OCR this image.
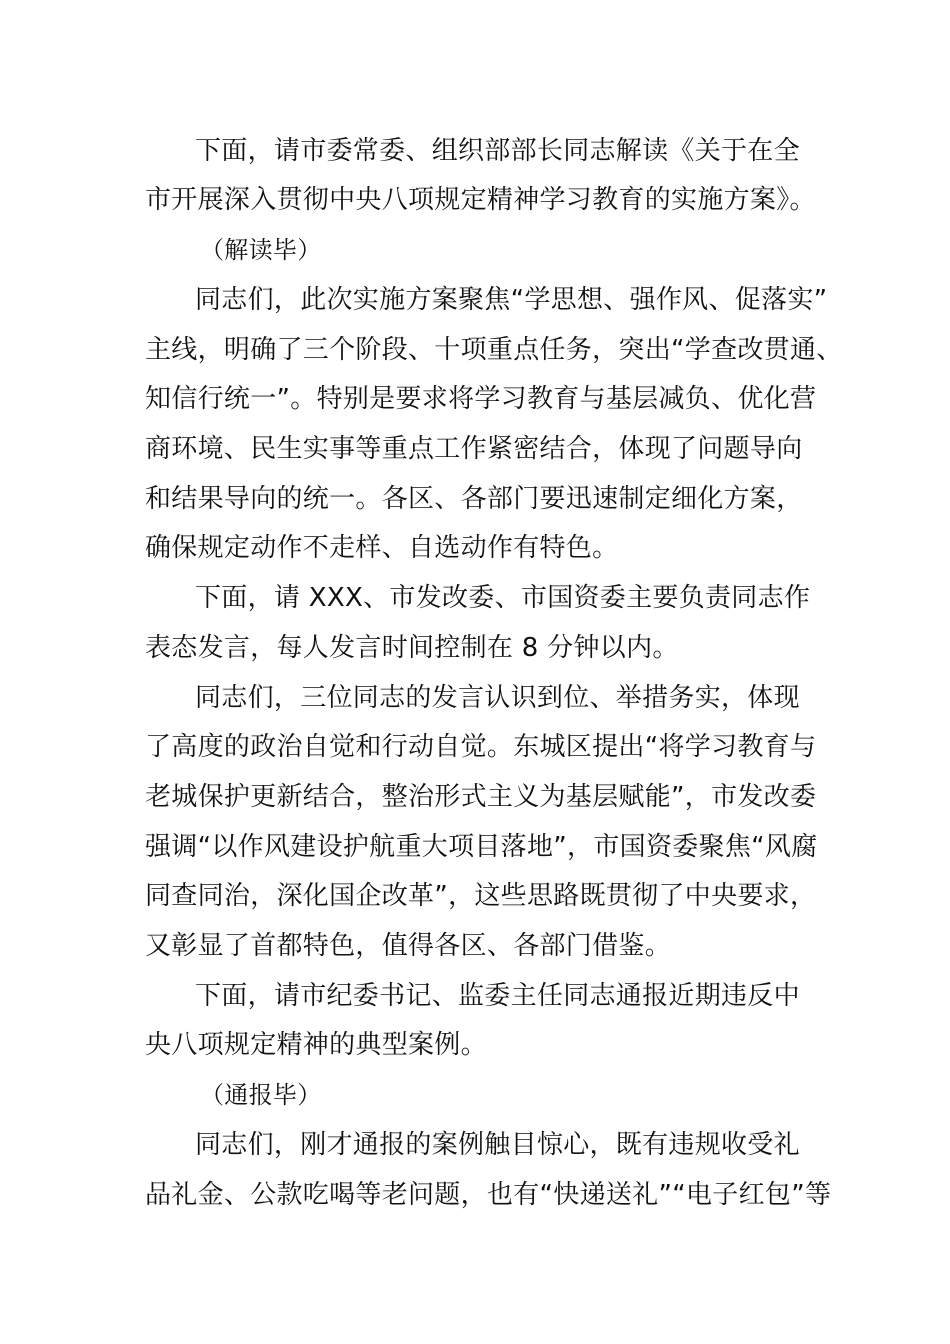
下面，请市委常委、组织部部长同志解读《关于在全
市开展深入贯彻中央八项规定精神学习教育的实施方案》。
（解读毕）
同志们，此次实施方案聚焦“学思想、强作风、促落实”
主线，明确了三个阶段、十项重点任务，突出“学查改贯通、
知信行统一”。特别是要求将学习教育与基层减负、优化营
商环境、民生实事等重点工作紧密结合，体现了问题导向
和结果导向的统一。各区、各部门要迅速制定细化方案，
确保规定动作不走样、自选动作有特色。
下面，请 XXX、市发改委、市国资委主要负责同志作
表态发言，每人发言时间控制在 8 分钟以内。
同志们，三位同志的发言认识到位、举措务实，体现
了高度的政治自觉和行动自觉。东城区提出“将学习教育与
老城保护更新结合，整治形式主义为基层赋能”，市发改委
强调“以作风建设护航重大项目落地”，市国资委聚焦“风腐
同查同治，深化国企改革”，这些思路既贯彻了中央要求，
又彰显了首都特色，值得各区、各部门借鉴。
下面，请市纪委书记、监委主任同志通报近期违反中
央八项规定精神的典型案例。
（通报毕）
同志们，刚才通报的案例触目惊心，既有违规收受礼
品礼金、公款吃喝等老问题，也有“快递送礼”“电子红包”等
